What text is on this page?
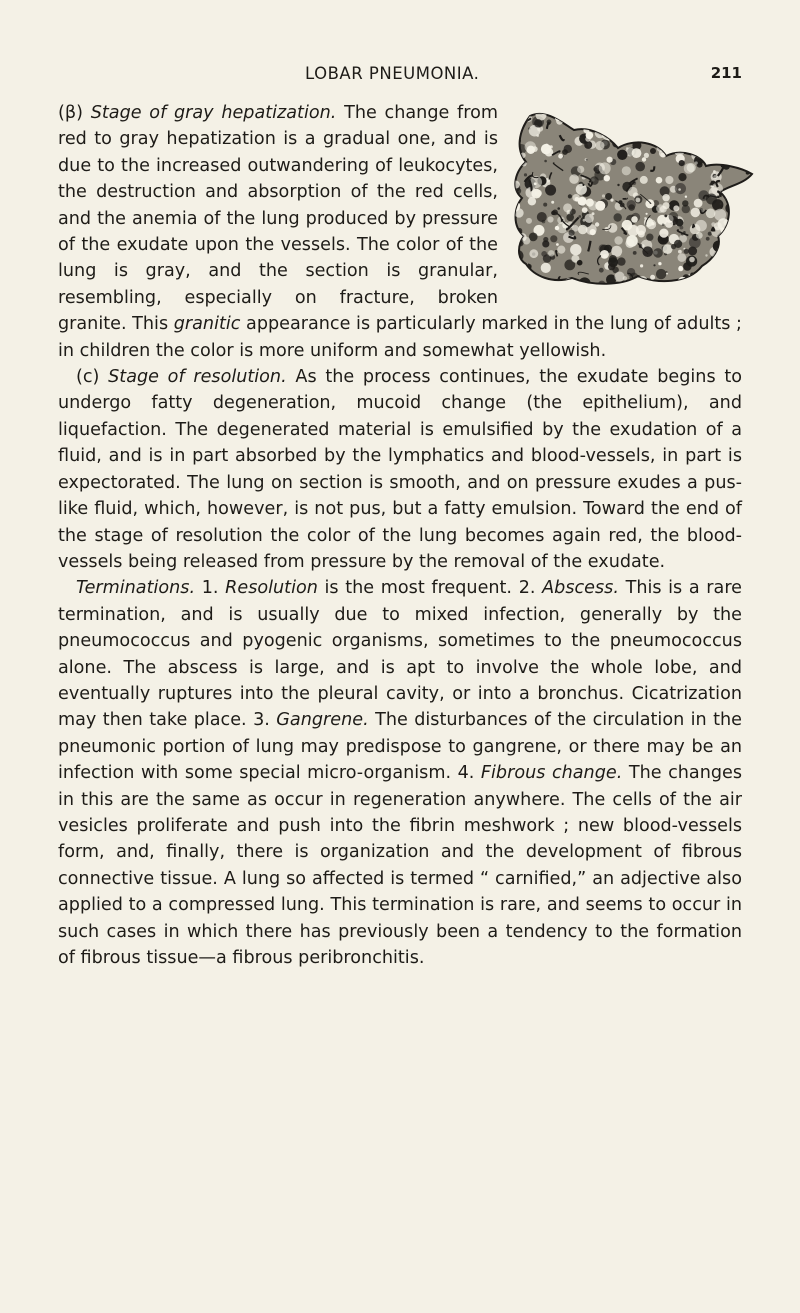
LOBAR PNEUMONIA.	211

(β) Stage of gray hepatization. The change from red to gray hepatization is a gradual one, and is due to the increased outwandering of leukocytes, the destruction and absorption of the red cells, and the anemia of the lung produced by pressure of the exudate upon the vessels. The color of the lung is gray, and the section is granular, resembling, especially on fracture, broken granite. This granitic appearance is particularly marked in the lung of adults ; in children the color is more uniform and somewhat yellowish.

(c) Stage of resolution. As the process continues, the exudate begins to undergo fatty degeneration, mucoid change (the epithelium), and liquefaction. The degenerated material is emulsified by the exudation of a fluid, and is in part absorbed by the lymphatics and blood-vessels, in part is expectorated. The lung on section is smooth, and on pressure exudes a pus-like fluid, which, however, is not pus, but a fatty emulsion. Toward the end of the stage of resolution the color of the lung becomes again red, the blood-vessels being released from pressure by the removal of the exudate.

Terminations. 1. Resolution is the most frequent. 2. Abscess. This is a rare termination, and is usually due to mixed infection, generally by the pneumococcus and pyogenic organisms, sometimes to the pneumococcus alone. The abscess is large, and is apt to involve the whole lobe, and eventually ruptures into the pleural cavity, or into a bronchus. Cicatrization may then take place. 3. Gangrene. The disturbances of the circulation in the pneumonic portion of lung may predispose to gangrene, or there may be an infection with some special micro-organism. 4. Fibrous change. The changes in this are the same as occur in regeneration anywhere. The cells of the air vesicles proliferate and push into the fibrin meshwork ; new blood-vessels form, and, finally, there is organization and the development of fibrous connective tissue. A lung so affected is termed “ carnified,” an adjective also applied to a compressed lung. This termination is rare, and seems to occur in such cases in which there has previously been a tendency to the formation of fibrous tissue—a fibrous peribronchitis.
